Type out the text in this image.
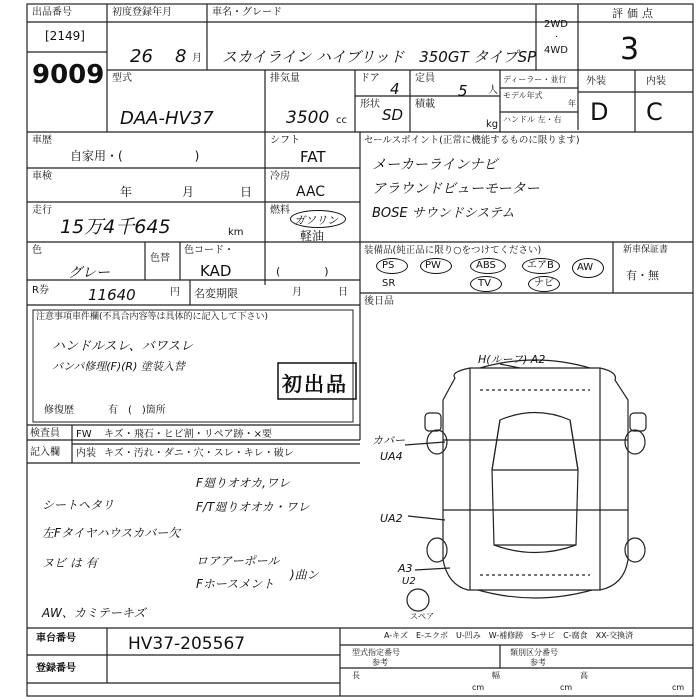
出品番号
[2149]
9009
初度登録年月
26 8 月
車名・グレード
スカイライン ハイブリッド　350GT タイプSP
2WD
·
4WD
評価点
3
型式
DAA-HV37
排気量
3500 cc
ドア
4
形状
SD
定員
5 人
積載
kg
ディーラー・並行
モデル年式
年
ハンドル 左・右
外装	内装
D C
車歴
自家用・(　　　　　　)
シフト
FAT
車検
年	月	日
冷房
AAC
走行
15万4千645	km
燃料
ガソリン
軽油
色
グレー
色替
色コード・
KAD	(　　　　)
R券	11640	円 名変期限	月	日
注意事項車件欄(不具合内容等は具体的に記入して下さい)
ハンドルスレ、バワスレ
バンパ修理(F)(R) 塗装入替
初出品
修復歴	有　(　)箇所
検査員
記入欄
FW キズ・飛石・ヒビ割・リペア跡・×要
内装 キズ・汚れ・ダニ・穴・スレ・キレ・破レ
F廻りオオカ,ワレ
シートヘタリ	F/T廻りオオカ・ワレ
左Fタイヤハウスカバー欠
ヌビ は 有	ロアアーポール
Fホースメント
)曲ン
AW、カミテーキズ
セールスポイント(正常に機能するものに限ります)
メーカーラインナビ
アラウンドビューモーター
BOSE サウンドシステム
装備品(純正品に限り○をつけてください)	新車保証書
有・無
PS	PW	ABS	エアB AW
SR	TV	ナビ
後日品
H(ルーフ) A2
カバー
UA4
UA2
A3
U2
スペア
A-キズ　E-エクボ　U-凹み　W-補修跡　S-サビ　C-腐食　XX-交換済
車台番号	HV37-205567
登録番号
型式指定番号
参考
類別区分番号
参考
長
cm
幅
cm
高
cm
